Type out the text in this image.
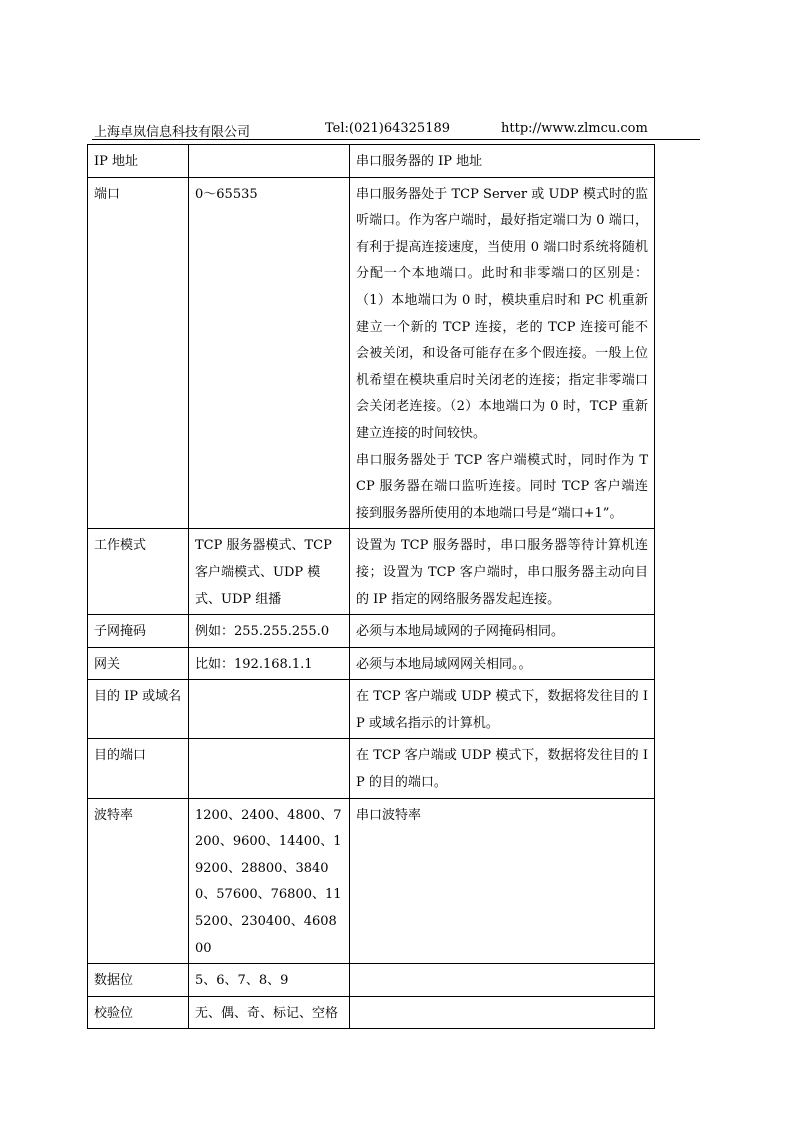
上海卓岚信息科技有限公司	Tel:(021)64325189	http://www.zlmcu.com
IP 地址		串口服务器的 IP 地址

端口	0～65535	串口服务器处于 TCP Server 或 UDP 模式时的监听端口。作为客户端时，最好指定端口为 0 端口，有利于提高连接速度，当使用 0 端口时系统将随机分配一个本地端口。此时和非零端口的区别是：（1）本地端口为 0 时，模块重启时和 PC 机重新建立一个新的 TCP 连接，老的 TCP 连接可能不会被关闭，和设备可能存在多个假连接。一般上位机希望在模块重启时关闭老的连接；指定非零端口会关闭老连接。（2）本地端口为 0 时，TCP 重新建立连接的时间较快。

串口服务器处于 TCP 客户端模式时，同时作为 TCP 服务器在端口监听连接。同时 TCP 客户端连接到服务器所使用的本地端口号是“端口+1”。

工作模式	TCP 服务器模式、TCP 客户端模式、UDP 模式、UDP 组播	设置为 TCP 服务器时，串口服务器等待计算机连接；设置为 TCP 客户端时，串口服务器主动向目的 IP 指定的网络服务器发起连接。

子网掩码	例如：255.255.255.0	必须与本地局域网的子网掩码相同。

网关	比如：192.168.1.1	必须与本地局域网网关相同。。

目的 IP 或域名		在 TCP 客户端或 UDP 模式下，数据将发往目的 IP 或域名指示的计算机。

目的端口		在 TCP 客户端或 UDP 模式下，数据将发往目的 IP 的目的端口。

波特率	1200、2400、4800、7200、9600、14400、19200、28800、38400、57600、76800、115200、230400、460800	串口波特率

数据位	5、6、7、8、9	

校验位	无、偶、奇、标记、空格	
